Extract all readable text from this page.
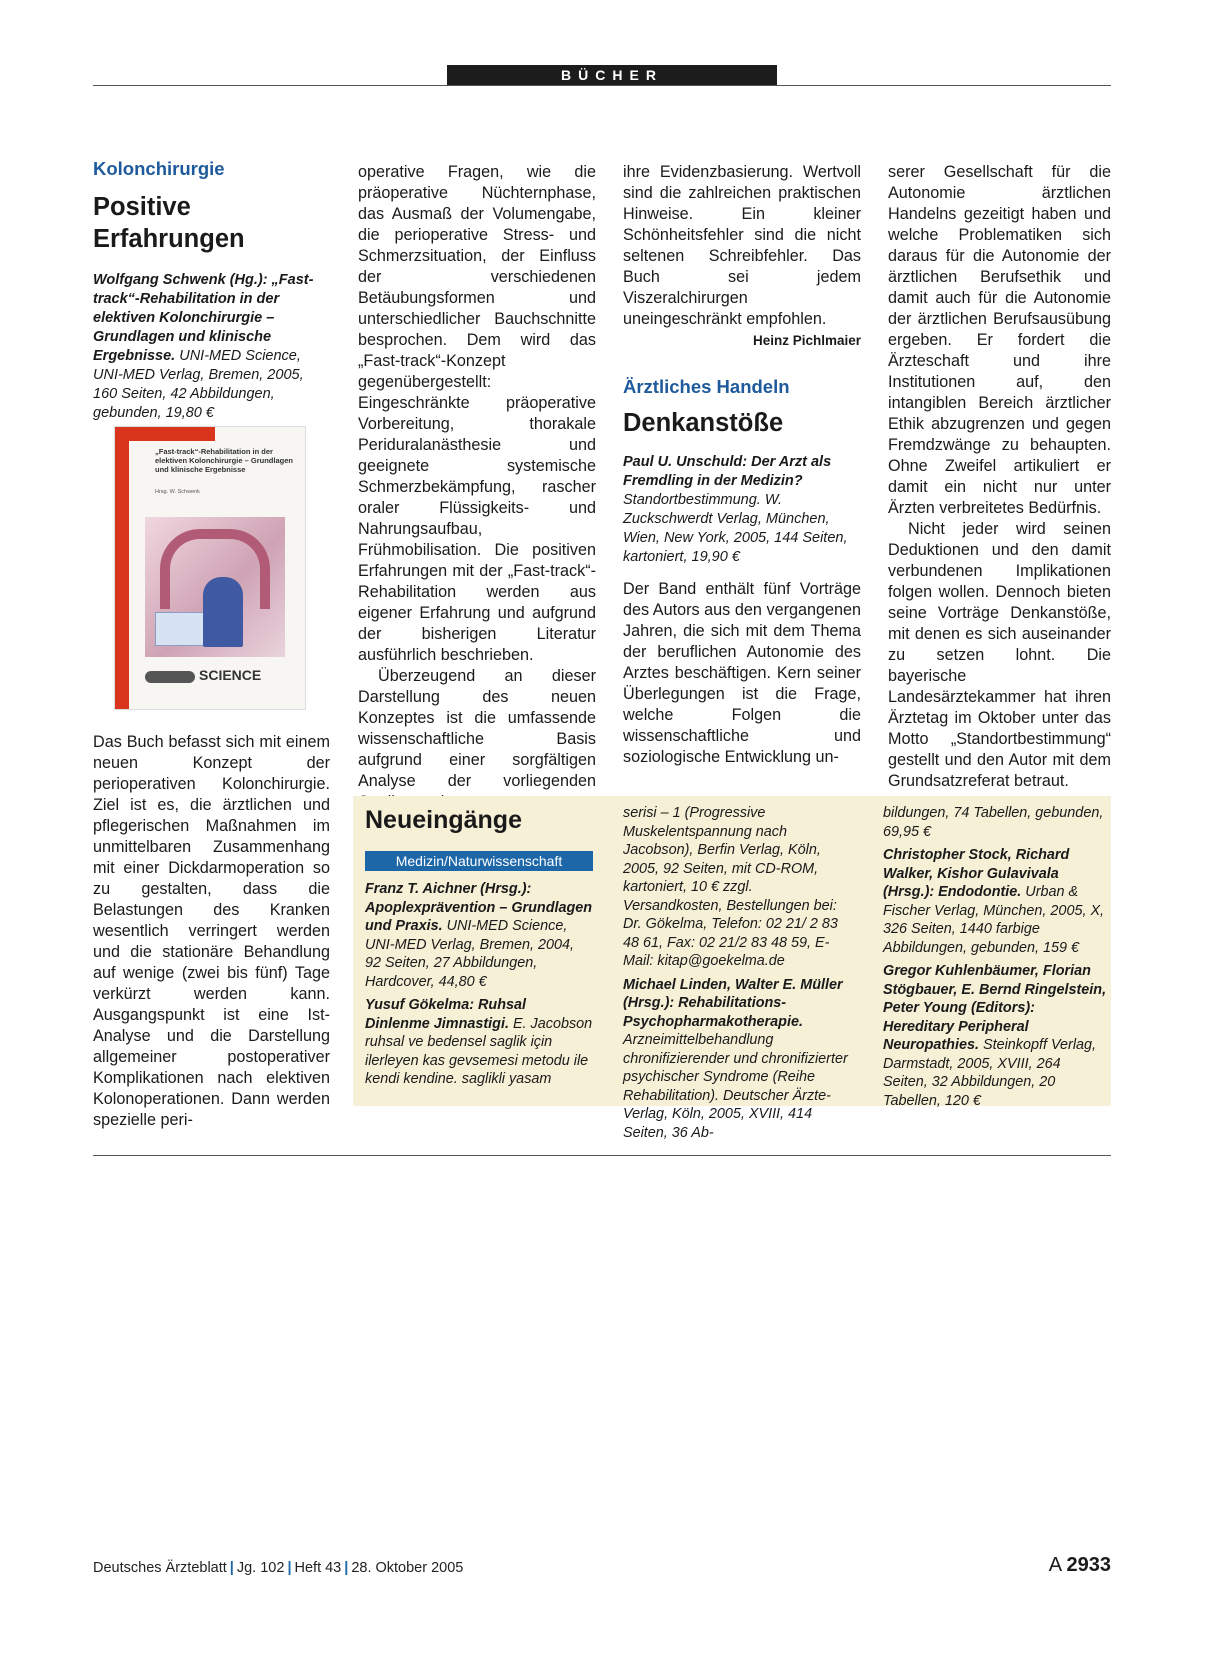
BÜCHER
Kolonchirurgie
Positive
Erfahrungen
Wolfgang Schwenk (Hg.): „Fast-track“-Rehabilitation in der elektiven Kolonchirurgie – Grundlagen und klinische Ergebnisse. UNI-MED Science, UNI-MED Verlag, Bremen, 2005, 160 Seiten, 42 Abbildungen, gebunden, 19,80 €
„Fast-track“-Rehabilitation in der elektiven Kolonchirurgie – Grundlagen und klinische Ergebnisse
Hrsg. W. Schwenk
SCIENCE

Das Buch befasst sich mit einem neuen Konzept der perioperativen Kolonchirurgie. Ziel ist es, die ärztlichen und pflegerischen Maßnahmen im unmittelbaren Zusammenhang mit einer Dickdarmoperation so zu gestalten, dass die Belastungen des Kranken wesentlich verringert werden und die stationäre Behandlung auf wenige (zwei bis fünf) Tage verkürzt werden kann. Ausgangspunkt ist eine Ist-Analyse und die Darstellung allgemeiner postoperativer Komplikationen nach elektiven Kolonoperationen. Dann werden spezielle peri-

operative Fragen, wie die präoperative Nüchternphase, das Ausmaß der Volumengabe, die perioperative Stress- und Schmerzsituation, der Einfluss der verschiedenen Betäubungsformen und unterschiedlicher Bauchschnitte besprochen. Dem wird das „Fast-track“-Konzept gegenübergestellt: Eingeschränkte präoperative Vorbereitung, thorakale Periduralanästhesie und geeignete systemische Schmerzbekämpfung, rascher oraler Flüssigkeits- und Nahrungsaufbau, Frühmobilisation. Die positiven Erfahrungen mit der „Fast-track“-Rehabilitation werden aus eigener Erfahrung und aufgrund der bisherigen Literatur ausführlich beschrieben.

Überzeugend an dieser Darstellung des neuen Konzeptes ist die umfassende wissenschaftliche Basis aufgrund einer sorgfältigen Analyse der vorliegenden

ihre Evidenzbasierung. Wertvoll sind die zahlreichen praktischen Hinweise. Ein kleiner Schönheitsfehler sind die nicht seltenen Schreibfehler. Das Buch sei jedem Viszeralchirurgen uneingeschränkt empfohlen.
Heinz Pichlmaier

Ärztliches Handeln
Denkanstöße
Paul U. Unschuld: Der Arzt als Fremdling in der Medizin? Standortbestimmung. W. Zuckschwerdt Verlag, München, Wien, New York, 2005, 144 Seiten, kartoniert, 19,90 €

Der Band enthält fünf Vorträge des Autors aus den vergangenen Jahren, die sich mit dem Thema der beruflichen Autonomie des Arztes beschäftigen. Kern seiner Überlegungen ist die Frage, welche Folgen die wissenschaftliche und soziologische Entwicklung un-

serer Gesellschaft für die Autonomie ärztlichen Handelns gezeitigt haben und welche Problematiken sich daraus für die Autonomie der ärztlichen Berufsethik und damit auch für die Autonomie der ärztlichen Berufsausübung ergeben. Er fordert die Ärzteschaft und ihre Institutionen auf, den intangiblen Bereich ärztlicher Ethik abzugrenzen und gegen Fremdzwänge zu behaupten. Ohne Zweifel artikuliert er damit ein nicht nur unter Ärzten verbreitetes Bedürfnis.

Nicht jeder wird seinen Deduktionen und den damit verbundenen Implikationen folgen wollen. Dennoch bieten seine Vorträge Denkanstöße, mit denen es sich auseinander zu setzen lohnt. Die bayerische Landesärztekammer hat ihren Ärztetag im Oktober unter das Motto „Standortbestimmung“ gestellt und den Autor mit dem Grundsatzreferat betraut.

Neueingänge
Medizin/Naturwissenschaft

Franz T. Aichner (Hrsg.): Apoplexprävention – Grundlagen und Praxis. UNI-MED Science, UNI-MED Verlag, Bremen, 2004, 92 Seiten, 27 Abbildungen, Hardcover, 44,80 €

Yusuf Gökelma: Ruhsal Dinlenme Jimnastigi. E. Jacobson ruhsal ve bedensel saglik için ilerleyen kas gevsemesi metodu ile kendi kendine. saglikli yasam

serisi – 1 (Progressive Muskelentspannung nach Jacobson), Berfin Verlag, Köln, 2005, 92 Seiten, mit CD-ROM, kartoniert, 10 € zzgl. Versandkosten, Bestellungen bei: Dr. Gökelma, Telefon: 02 21/ 2 83 48 61, Fax: 02 21/2 83 48 59, E-Mail: kitap@goekelma.de

Michael Linden, Walter E. Müller (Hrsg.): Rehabilitations-Psychopharmakotherapie. Arzneimittelbehandlung chronifizierender und chronifizierter psychischer Syndrome (Reihe Rehabilitation). Deutscher Ärzte-Verlag, Köln, 2005, XVIII, 414 Seiten, 36 Ab-

bildungen, 74 Tabellen, gebunden, 69,95 €

Christopher Stock, Richard Walker, Kishor Gulavivala (Hrsg.): Endodontie. Urban & Fischer Verlag, München, 2005, X, 326 Seiten, 1440 farbige Abbildungen, gebunden, 159 €

Gregor Kuhlenbäumer, Florian Stögbauer, E. Bernd Ringelstein, Peter Young (Editors): Hereditary Peripheral Neuropathies. Steinkopff Verlag, Darmstadt, 2005, XVIII, 264 Seiten, 32 Abbildungen, 20 Tabellen, 120 €

Deutsches Ärzteblatt | Jg. 102 | Heft 43 | 28. Oktober 2005	A 2933
